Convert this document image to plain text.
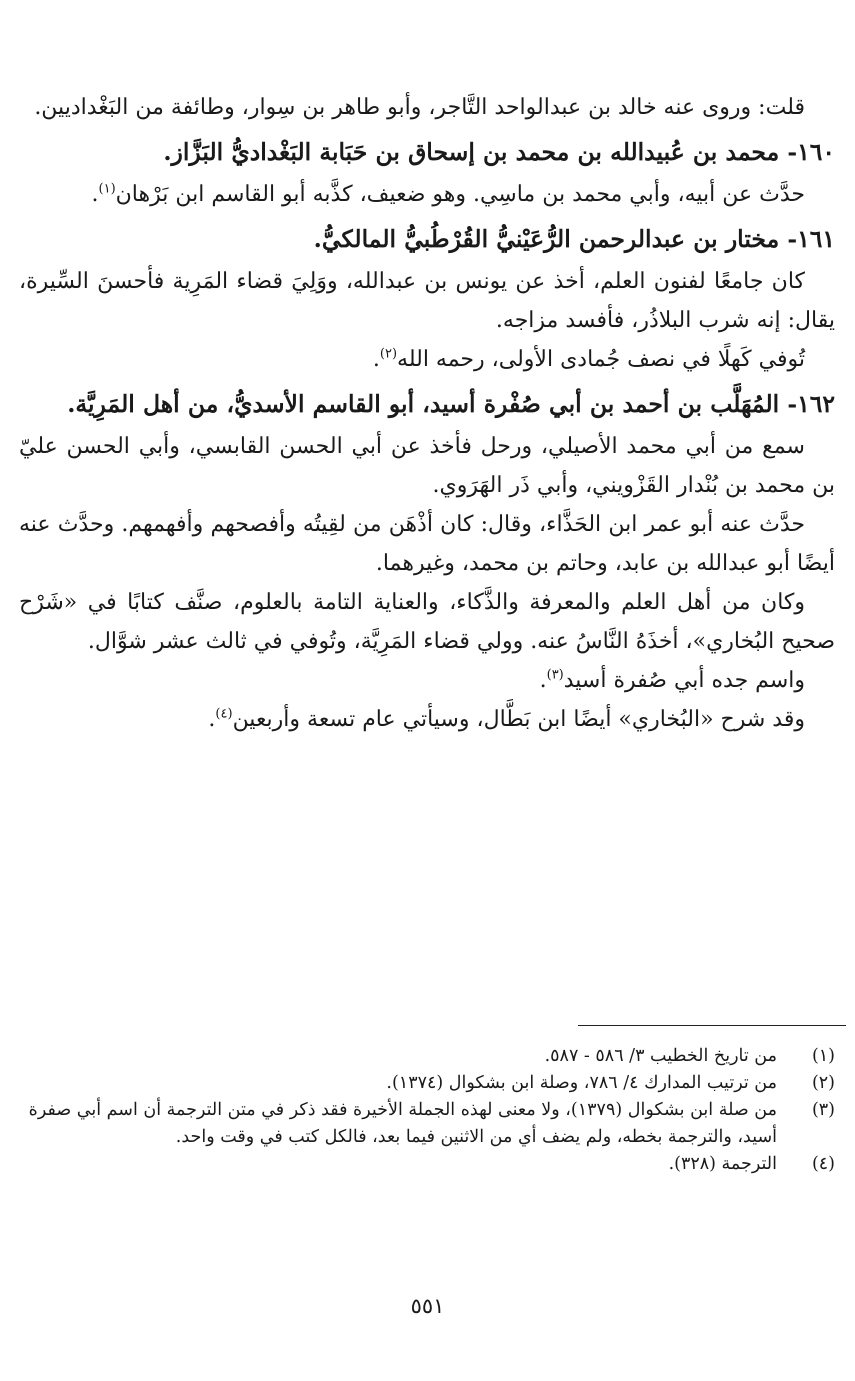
قلت: وروى عنه خالد بن عبدالواحد التَّاجر، وأبو طاهر بن سِوار، وطائفة من البَغْداديين.

١٦٠- محمد بن عُبيدالله بن محمد بن إسحاق بن حَبَابة البَغْداديُّ البَزَّاز.

حدَّث عن أبيه، وأبي محمد بن ماسِي. وهو ضعيف، كذَّبه أبو القاسم ابن بَرْهان$^{(١)}$.

١٦١- مختار بن عبدالرحمن الرُّعَيْنيُّ القُرْطُبيُّ المالكيُّ.

كان جامعًا لفنون العلم، أخذ عن يونس بن عبدالله، ووَلِيَ قضاء المَرِية فأحسنَ السِّيرة، يقال: إنه شرب البلاذُر، فأفسد مزاجه.

تُوفي كَهلًا في نصف جُمادى الأولى، رحمه الله$^{(٢)}$.

١٦٢- المُهَلَّب بن أحمد بن أبي صُفْرة أسيد، أبو القاسم الأسديُّ، من أهل المَرِيَّة.

سمع من أبي محمد الأصيلي، ورحل فأخذ عن أبي الحسن القابسي، وأبي الحسن عليّ بن محمد بن بُنْدار القَزْويني، وأبي ذَر الهَرَوي.

حدَّث عنه أبو عمر ابن الحَذَّاء، وقال: كان أذْهَن من لقِيتُه وأفصحهم وأفهمهم. وحدَّث عنه أيضًا أبو عبدالله بن عابد، وحاتم بن محمد، وغيرهما.

وكان من أهل العلم والمعرفة والذَّكاء، والعناية التامة بالعلوم، صنَّف كتابًا في «شَرْح صحيح البُخاري»، أخذَهُ النَّاسُ عنه. وولي قضاء المَرِيَّة، وتُوفي في ثالث عشر شوَّال.

واسم جده أبي صُفرة أسيد$^{(٣)}$.

وقد شرح «البُخاري» أيضًا ابن بَطَّال، وسيأتي عام تسعة وأربعين$^{(٤)}$.

(١)
من تاريخ الخطيب ٣/ ٥٨٦ - ٥٨٧.
(٢)
من ترتيب المدارك ٤/ ٧٨٦، وصلة ابن بشكوال (١٣٧٤).
(٣)
من صلة ابن بشكوال (١٣٧٩)، ولا معنى لهذه الجملة الأخيرة فقد ذكر في متن الترجمة أن اسم أبي صفرة أسيد، والترجمة بخطه، ولم يضف أي من الاثنين فيما بعد، فالكل كتب في وقت واحد.
(٤)
الترجمة (٣٢٨).
٥٥١
